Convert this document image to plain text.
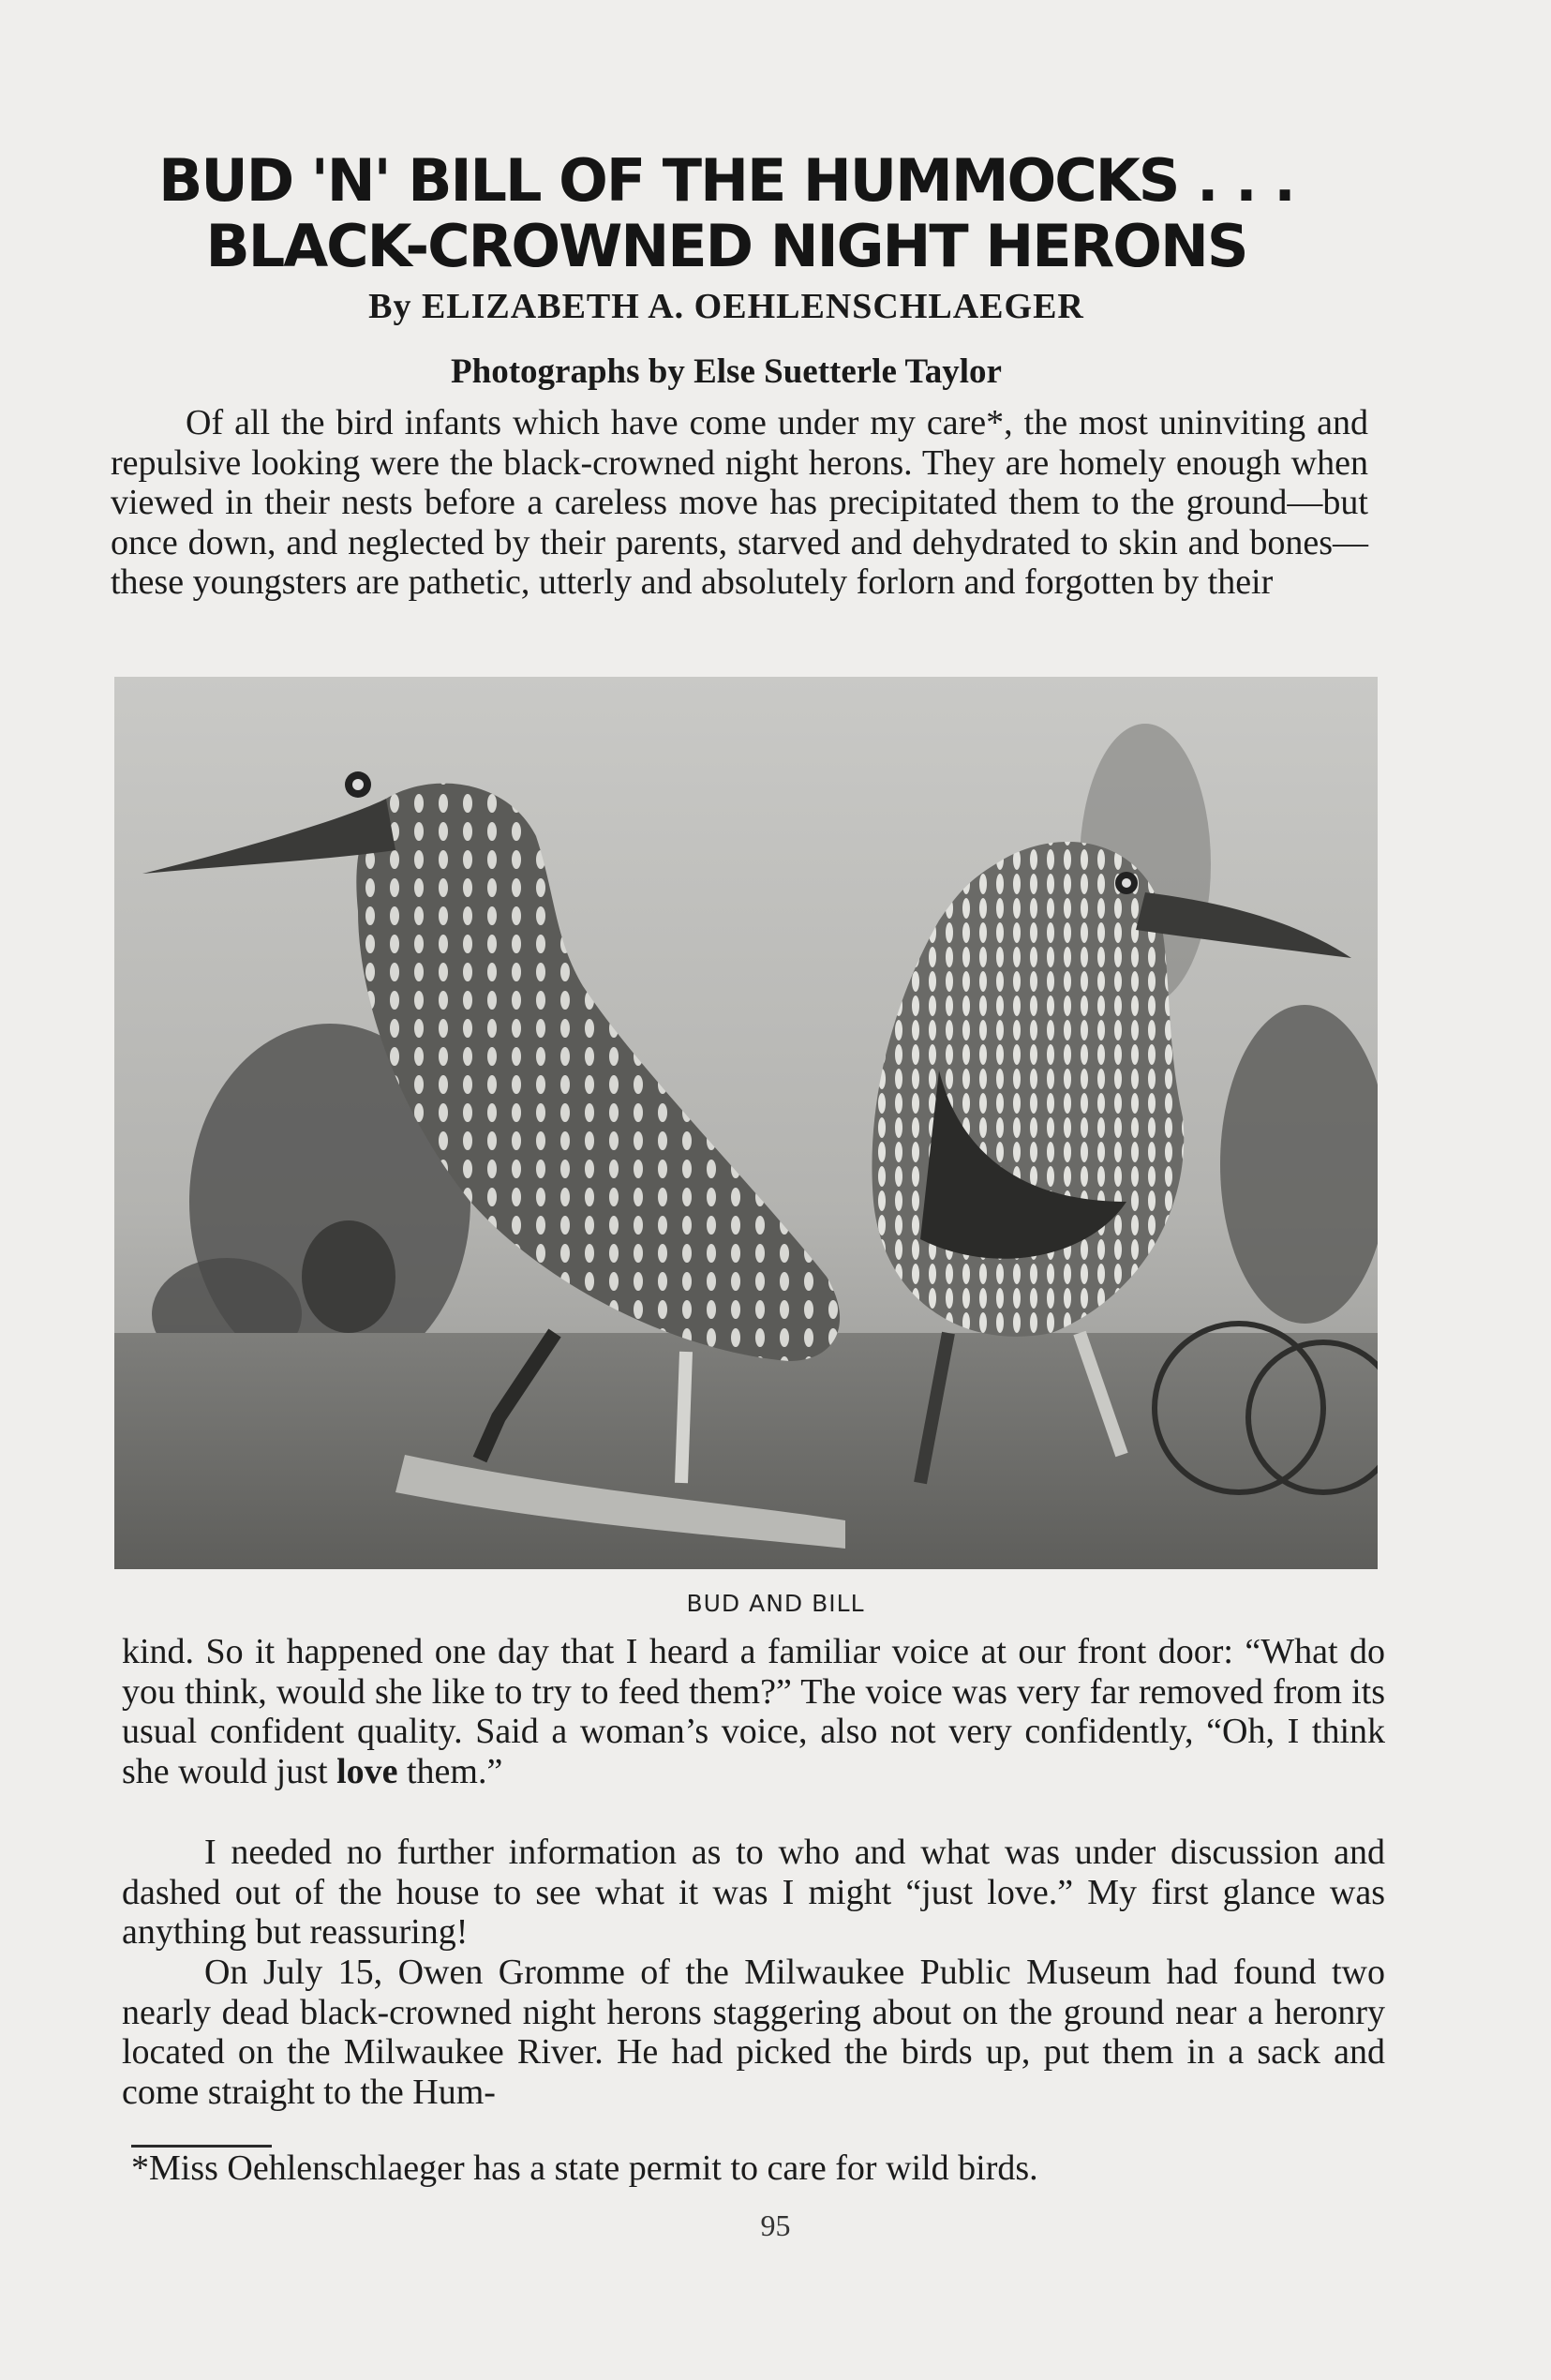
BUD 'N' BILL OF THE HUMMOCKS . . .
BLACK-CROWNED NIGHT HERONS
By ELIZABETH A. OEHLENSCHLAEGER
Photographs by Else Suetterle Taylor

Of all the bird infants which have come under my care*, the most uninviting and repulsive looking were the black-crowned night herons. They are homely enough when viewed in their nests before a careless move has precipitated them to the ground—but once down, and neglected by their parents, starved and dehydrated to skin and bones—these youngsters are pathetic, utterly and absolutely forlorn and forgotten by their

BUD AND BILL

kind. So it happened one day that I heard a familiar voice at our front door: “What do you think, would she like to try to feed them?” The voice was very far removed from its usual confident quality. Said a woman’s voice, also not very confidently, “Oh, I think she would just love them.”

I needed no further information as to who and what was under discussion and dashed out of the house to see what it was I might “just love.” My first glance was anything but reassuring!

On July 15, Owen Gromme of the Milwaukee Public Museum had found two nearly dead black-crowned night herons staggering about on the ground near a heronry located on the Milwaukee River. He had picked the birds up, put them in a sack and come straight to the Hum-

*Miss Oehlenschlaeger has a state permit to care for wild birds.
95
